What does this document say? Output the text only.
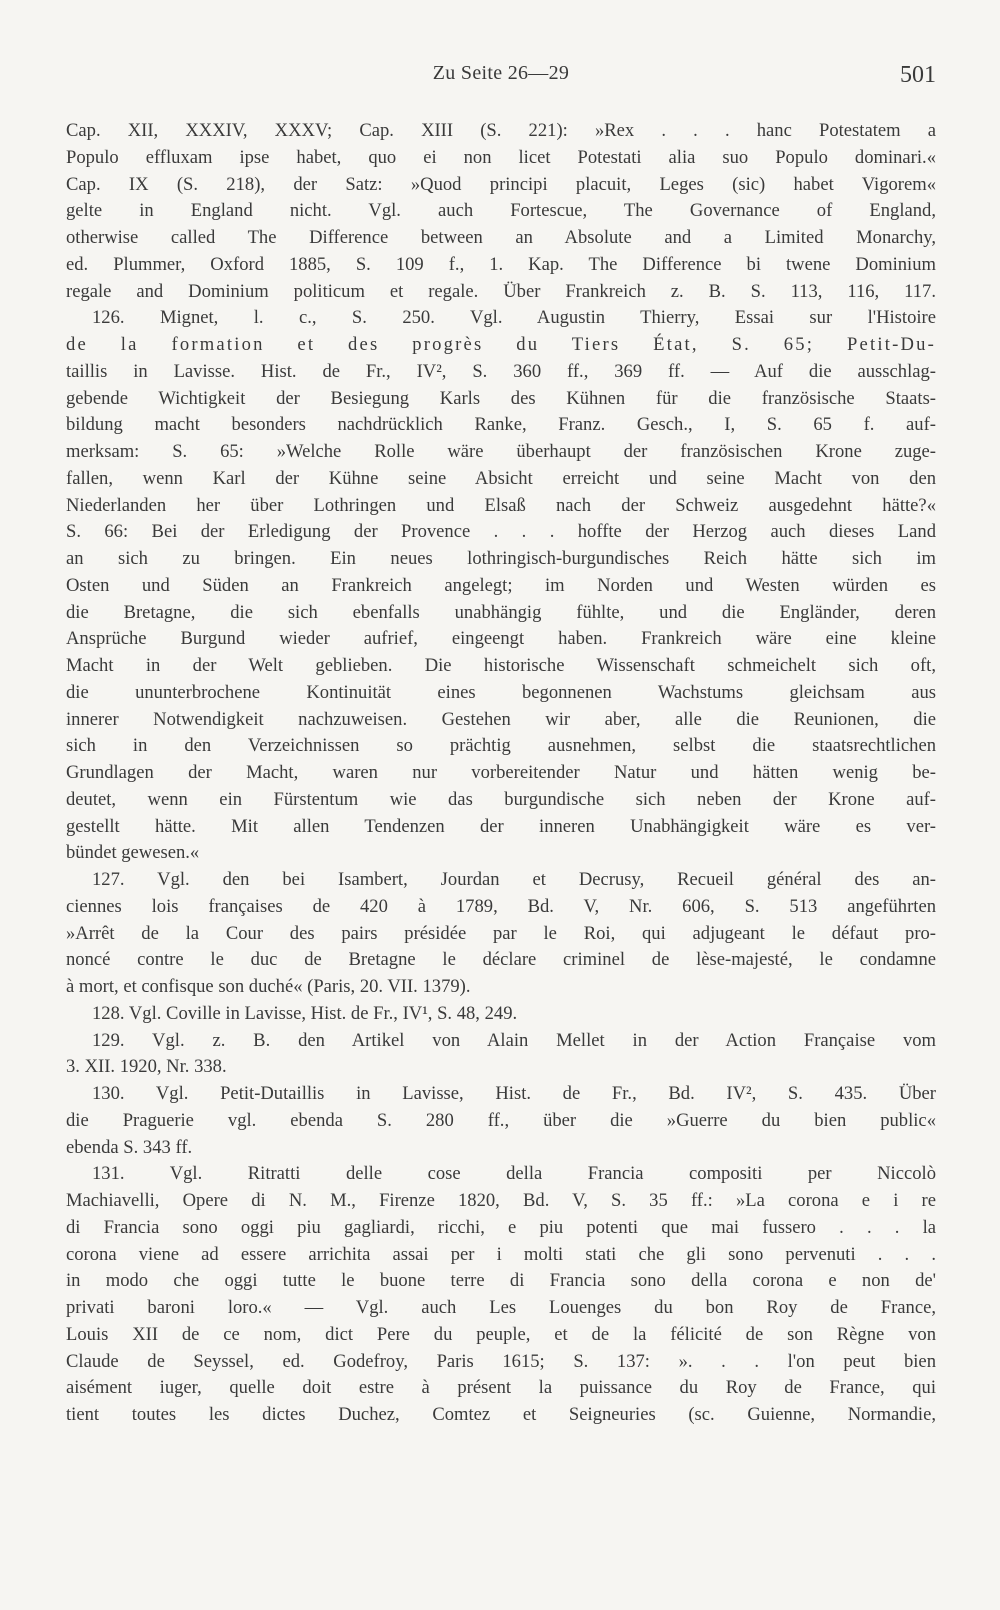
Zu Seite 26—29	501
Cap. XII, XXXIV, XXXV; Cap. XIII (S. 221): »Rex . . . hanc Potestatem a
Populo effluxam ipse habet, quo ei non licet Potestati alia suo Populo dominari.«
Cap. IX (S. 218), der Satz: »Quod principi placuit, Leges (sic) habet Vigorem«
gelte in England nicht. Vgl. auch Fortescue, The Governance of England,
otherwise called The Difference between an Absolute and a Limited Monarchy,
ed. Plummer, Oxford 1885, S. 109 f., 1. Kap. The Difference bi twene Dominium
regale and Dominium politicum et regale. Über Frankreich z. B. S. 113, 116, 117.
126. Mignet, l. c., S. 250. Vgl. Augustin Thierry, Essai sur l'Histoire
de la formation et des progrès du Tiers État, S. 65; Petit-Du-
taillis in Lavisse. Hist. de Fr., IV², S. 360 ff., 369 ff. — Auf die ausschlag-
gebende Wichtigkeit der Besiegung Karls des Kühnen für die französische Staats-
bildung macht besonders nachdrücklich Ranke, Franz. Gesch., I, S. 65 f. auf-
merksam: S. 65: »Welche Rolle wäre überhaupt der französischen Krone zuge-
fallen, wenn Karl der Kühne seine Absicht erreicht und seine Macht von den
Niederlanden her über Lothringen und Elsaß nach der Schweiz ausgedehnt hätte?«
S. 66: Bei der Erledigung der Provence . . . hoffte der Herzog auch dieses Land
an sich zu bringen. Ein neues lothringisch-burgundisches Reich hätte sich im
Osten und Süden an Frankreich angelegt; im Norden und Westen würden es
die Bretagne, die sich ebenfalls unabhängig fühlte, und die Engländer, deren
Ansprüche Burgund wieder aufrief, eingeengt haben. Frankreich wäre eine kleine
Macht in der Welt geblieben. Die historische Wissenschaft schmeichelt sich oft,
die ununterbrochene Kontinuität eines begonnenen Wachstums gleichsam aus
innerer Notwendigkeit nachzuweisen. Gestehen wir aber, alle die Reunionen, die
sich in den Verzeichnissen so prächtig ausnehmen, selbst die staatsrechtlichen
Grundlagen der Macht, waren nur vorbereitender Natur und hätten wenig be-
deutet, wenn ein Fürstentum wie das burgundische sich neben der Krone auf-
gestellt hätte. Mit allen Tendenzen der inneren Unabhängigkeit wäre es ver-
bündet gewesen.«
127. Vgl. den bei Isambert, Jourdan et Decrusy, Recueil général des an-
ciennes lois françaises de 420 à 1789, Bd. V, Nr. 606, S. 513 angeführten
»Arrêt de la Cour des pairs présidée par le Roi, qui adjugeant le défaut pro-
noncé contre le duc de Bretagne le déclare criminel de lèse-majesté, le condamne
à mort, et confisque son duché« (Paris, 20. VII. 1379).
128. Vgl. Coville in Lavisse, Hist. de Fr., IV¹, S. 48, 249.
129. Vgl. z. B. den Artikel von Alain Mellet in der Action Française vom
3. XII. 1920, Nr. 338.
130. Vgl. Petit-Dutaillis in Lavisse, Hist. de Fr., Bd. IV², S. 435. Über
die Praguerie vgl. ebenda S. 280 ff., über die »Guerre du bien public«
ebenda S. 343 ff.
131. Vgl. Ritratti delle cose della Francia compositi per Niccolò
Machiavelli, Opere di N. M., Firenze 1820, Bd. V, S. 35 ff.: »La corona e i re
di Francia sono oggi piu gagliardi, ricchi, e piu potenti que mai fussero . . . la
corona viene ad essere arrichita assai per i molti stati che gli sono pervenuti . . .
in modo che oggi tutte le buone terre di Francia sono della corona e non de'
privati baroni loro.« — Vgl. auch Les Louenges du bon Roy de France,
Louis XII de ce nom, dict Pere du peuple, et de la félicité de son Règne von
Claude de Seyssel, ed. Godefroy, Paris 1615; S. 137: ». . . l'on peut bien
aisément iuger, quelle doit estre à présent la puissance du Roy de France, qui
tient toutes les dictes Duchez, Comtez et Seigneuries (sc. Guienne, Normandie,
